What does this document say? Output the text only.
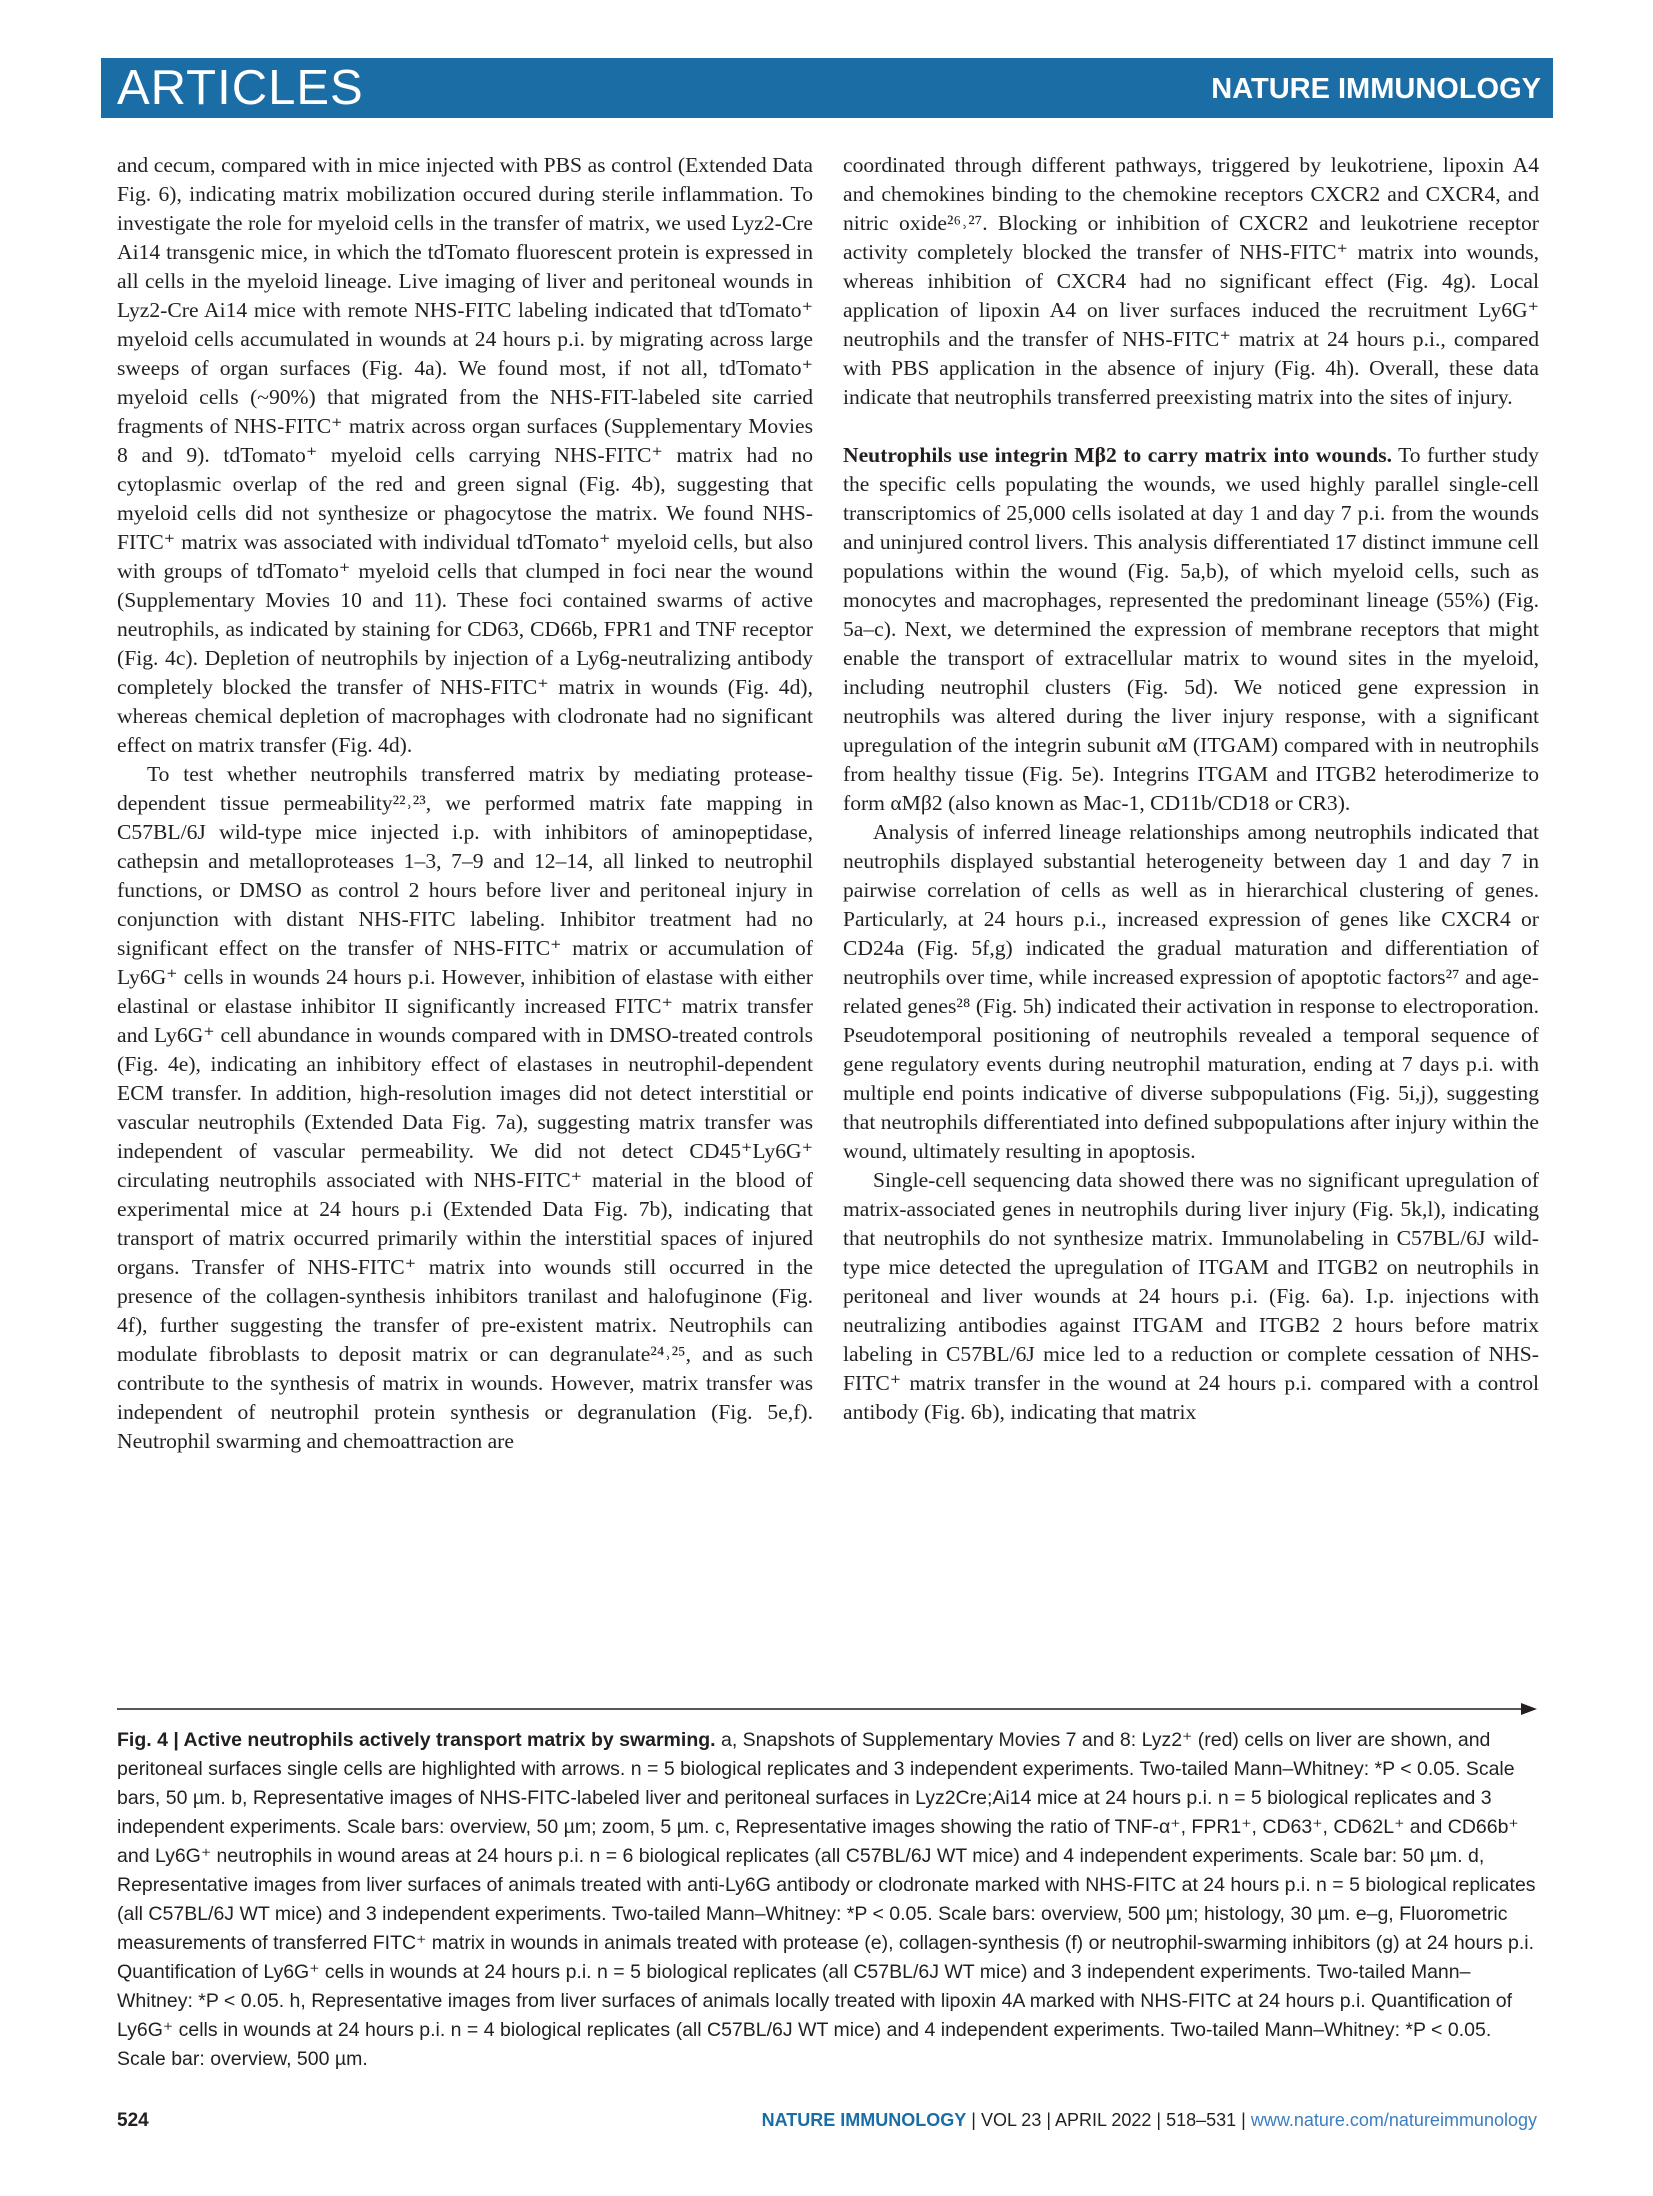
ARTICLES	NATURE IMMUNOLOGY

and cecum, compared with in mice injected with PBS as control (Extended Data Fig. 6), indicating matrix mobilization occured during sterile inflammation. To investigate the role for myeloid cells in the transfer of matrix, we used Lyz2-Cre Ai14 transgenic mice, in which the tdTomato fluorescent protein is expressed in all cells in the myeloid lineage. Live imaging of liver and peritoneal wounds in Lyz2-Cre Ai14 mice with remote NHS-FITC labeling indicated that tdTomato⁺ myeloid cells accumulated in wounds at 24 hours p.i. by migrating across large sweeps of organ surfaces (Fig. 4a). We found most, if not all, tdTomato⁺ myeloid cells (~90%) that migrated from the NHS-FIT-labeled site carried fragments of NHS-FITC⁺ matrix across organ surfaces (Supplementary Movies 8 and 9). tdTomato⁺ myeloid cells carrying NHS-FITC⁺ matrix had no cytoplasmic overlap of the red and green signal (Fig. 4b), suggesting that myeloid cells did not synthesize or phagocytose the matrix. We found NHS-FITC⁺ matrix was associated with individual tdTomato⁺ myeloid cells, but also with groups of tdTomato⁺ myeloid cells that clumped in foci near the wound (Supplementary Movies 10 and 11). These foci contained swarms of active neutrophils, as indicated by staining for CD63, CD66b, FPR1 and TNF receptor (Fig. 4c). Depletion of neutrophils by injection of a Ly6g-neutralizing antibody completely blocked the transfer of NHS-FITC⁺ matrix in wounds (Fig. 4d), whereas chemical depletion of macrophages with clodronate had no significant effect on matrix transfer (Fig. 4d).

To test whether neutrophils transferred matrix by mediating protease-dependent tissue permeability²²˒²³, we performed matrix fate mapping in C57BL/6J wild-type mice injected i.p. with inhibitors of aminopeptidase, cathepsin and metalloproteases 1–3, 7–9 and 12–14, all linked to neutrophil functions, or DMSO as control 2 hours before liver and peritoneal injury in conjunction with distant NHS-FITC labeling. Inhibitor treatment had no significant effect on the transfer of NHS-FITC⁺ matrix or accumulation of Ly6G⁺ cells in wounds 24 hours p.i. However, inhibition of elastase with either elastinal or elastase inhibitor II significantly increased FITC⁺ matrix transfer and Ly6G⁺ cell abundance in wounds compared with in DMSO-treated controls (Fig. 4e), indicating an inhibitory effect of elastases in neutrophil-dependent ECM transfer. In addition, high-resolution images did not detect interstitial or vascular neutrophils (Extended Data Fig. 7a), suggesting matrix transfer was independent of vascular permeability. We did not detect CD45⁺Ly6G⁺ circulating neutrophils associated with NHS-FITC⁺ material in the blood of experimental mice at 24 hours p.i (Extended Data Fig. 7b), indicating that transport of matrix occurred primarily within the interstitial spaces of injured organs. Transfer of NHS-FITC⁺ matrix into wounds still occurred in the presence of the collagen-synthesis inhibitors tranilast and halofuginone (Fig. 4f), further suggesting the transfer of pre-existent matrix. Neutrophils can modulate fibroblasts to deposit matrix or can degranulate²⁴˒²⁵, and as such contribute to the synthesis of matrix in wounds. However, matrix transfer was independent of neutrophil protein synthesis or degranulation (Fig. 5e,f). Neutrophil swarming and chemoattraction are

coordinated through different pathways, triggered by leukotriene, lipoxin A4 and chemokines binding to the chemokine receptors CXCR2 and CXCR4, and nitric oxide²⁶˒²⁷. Blocking or inhibition of CXCR2 and leukotriene receptor activity completely blocked the transfer of NHS-FITC⁺ matrix into wounds, whereas inhibition of CXCR4 had no significant effect (Fig. 4g). Local application of lipoxin A4 on liver surfaces induced the recruitment Ly6G⁺ neutrophils and the transfer of NHS-FITC⁺ matrix at 24 hours p.i., compared with PBS application in the absence of injury (Fig. 4h). Overall, these data indicate that neutrophils transferred preexisting matrix into the sites of injury.

Neutrophils use integrin Mβ2 to carry matrix into wounds. To further study the specific cells populating the wounds, we used highly parallel single-cell transcriptomics of 25,000 cells isolated at day 1 and day 7 p.i. from the wounds and uninjured control livers. This analysis differentiated 17 distinct immune cell populations within the wound (Fig. 5a,b), of which myeloid cells, such as monocytes and macrophages, represented the predominant lineage (55%) (Fig. 5a–c). Next, we determined the expression of membrane receptors that might enable the transport of extracellular matrix to wound sites in the myeloid, including neutrophil clusters (Fig. 5d). We noticed gene expression in neutrophils was altered during the liver injury response, with a significant upregulation of the integrin subunit αM (ITGAM) compared with in neutrophils from healthy tissue (Fig. 5e). Integrins ITGAM and ITGB2 heterodimerize to form αMβ2 (also known as Mac-1, CD11b/CD18 or CR3).

Analysis of inferred lineage relationships among neutrophils indicated that neutrophils displayed substantial heterogeneity between day 1 and day 7 in pairwise correlation of cells as well as in hierarchical clustering of genes. Particularly, at 24 hours p.i., increased expression of genes like CXCR4 or CD24a (Fig. 5f,g) indicated the gradual maturation and differentiation of neutrophils over time, while increased expression of apoptotic factors²⁷ and age-related genes²⁸ (Fig. 5h) indicated their activation in response to electroporation. Pseudotemporal positioning of neutrophils revealed a temporal sequence of gene regulatory events during neutrophil maturation, ending at 7 days p.i. with multiple end points indicative of diverse subpopulations (Fig. 5i,j), suggesting that neutrophils differentiated into defined subpopulations after injury within the wound, ultimately resulting in apoptosis.

Single-cell sequencing data showed there was no significant upregulation of matrix-associated genes in neutrophils during liver injury (Fig. 5k,l), indicating that neutrophils do not synthesize matrix. Immunolabeling in C57BL/6J wild-type mice detected the upregulation of ITGAM and ITGB2 on neutrophils in peritoneal and liver wounds at 24 hours p.i. (Fig. 6a). I.p. injections with neutralizing antibodies against ITGAM and ITGB2 2 hours before matrix labeling in C57BL/6J mice led to a reduction or complete cessation of NHS-FITC⁺ matrix transfer in the wound at 24 hours p.i. compared with a control antibody (Fig. 6b), indicating that matrix

Fig. 4 | Active neutrophils actively transport matrix by swarming. a, Snapshots of Supplementary Movies 7 and 8: Lyz2⁺ (red) cells on liver are shown, and peritoneal surfaces single cells are highlighted with arrows. n = 5 biological replicates and 3 independent experiments. Two-tailed Mann–Whitney: *P < 0.05. Scale bars, 50 µm. b, Representative images of NHS-FITC-labeled liver and peritoneal surfaces in Lyz2Cre;Ai14 mice at 24 hours p.i. n = 5 biological replicates and 3 independent experiments. Scale bars: overview, 50 µm; zoom, 5 µm. c, Representative images showing the ratio of TNF-α⁺, FPR1⁺, CD63⁺, CD62L⁺ and CD66b⁺ and Ly6G⁺ neutrophils in wound areas at 24 hours p.i. n = 6 biological replicates (all C57BL/6J WT mice) and 4 independent experiments. Scale bar: 50 µm. d, Representative images from liver surfaces of animals treated with anti-Ly6G antibody or clodronate marked with NHS-FITC at 24 hours p.i. n = 5 biological replicates (all C57BL/6J WT mice) and 3 independent experiments. Two-tailed Mann–Whitney: *P < 0.05. Scale bars: overview, 500 µm; histology, 30 µm. e–g, Fluorometric measurements of transferred FITC⁺ matrix in wounds in animals treated with protease (e), collagen-synthesis (f) or neutrophil-swarming inhibitors (g) at 24 hours p.i. Quantification of Ly6G⁺ cells in wounds at 24 hours p.i. n = 5 biological replicates (all C57BL/6J WT mice) and 3 independent experiments. Two-tailed Mann–Whitney: *P < 0.05. h, Representative images from liver surfaces of animals locally treated with lipoxin 4A marked with NHS-FITC at 24 hours p.i. Quantification of Ly6G⁺ cells in wounds at 24 hours p.i. n = 4 biological replicates (all C57BL/6J WT mice) and 4 independent experiments. Two-tailed Mann–Whitney: *P < 0.05. Scale bar: overview, 500 µm.
524	NATURE IMMUNOLOGY | VOL 23 | APRIL 2022 | 518–531 | www.nature.com/natureimmunology
